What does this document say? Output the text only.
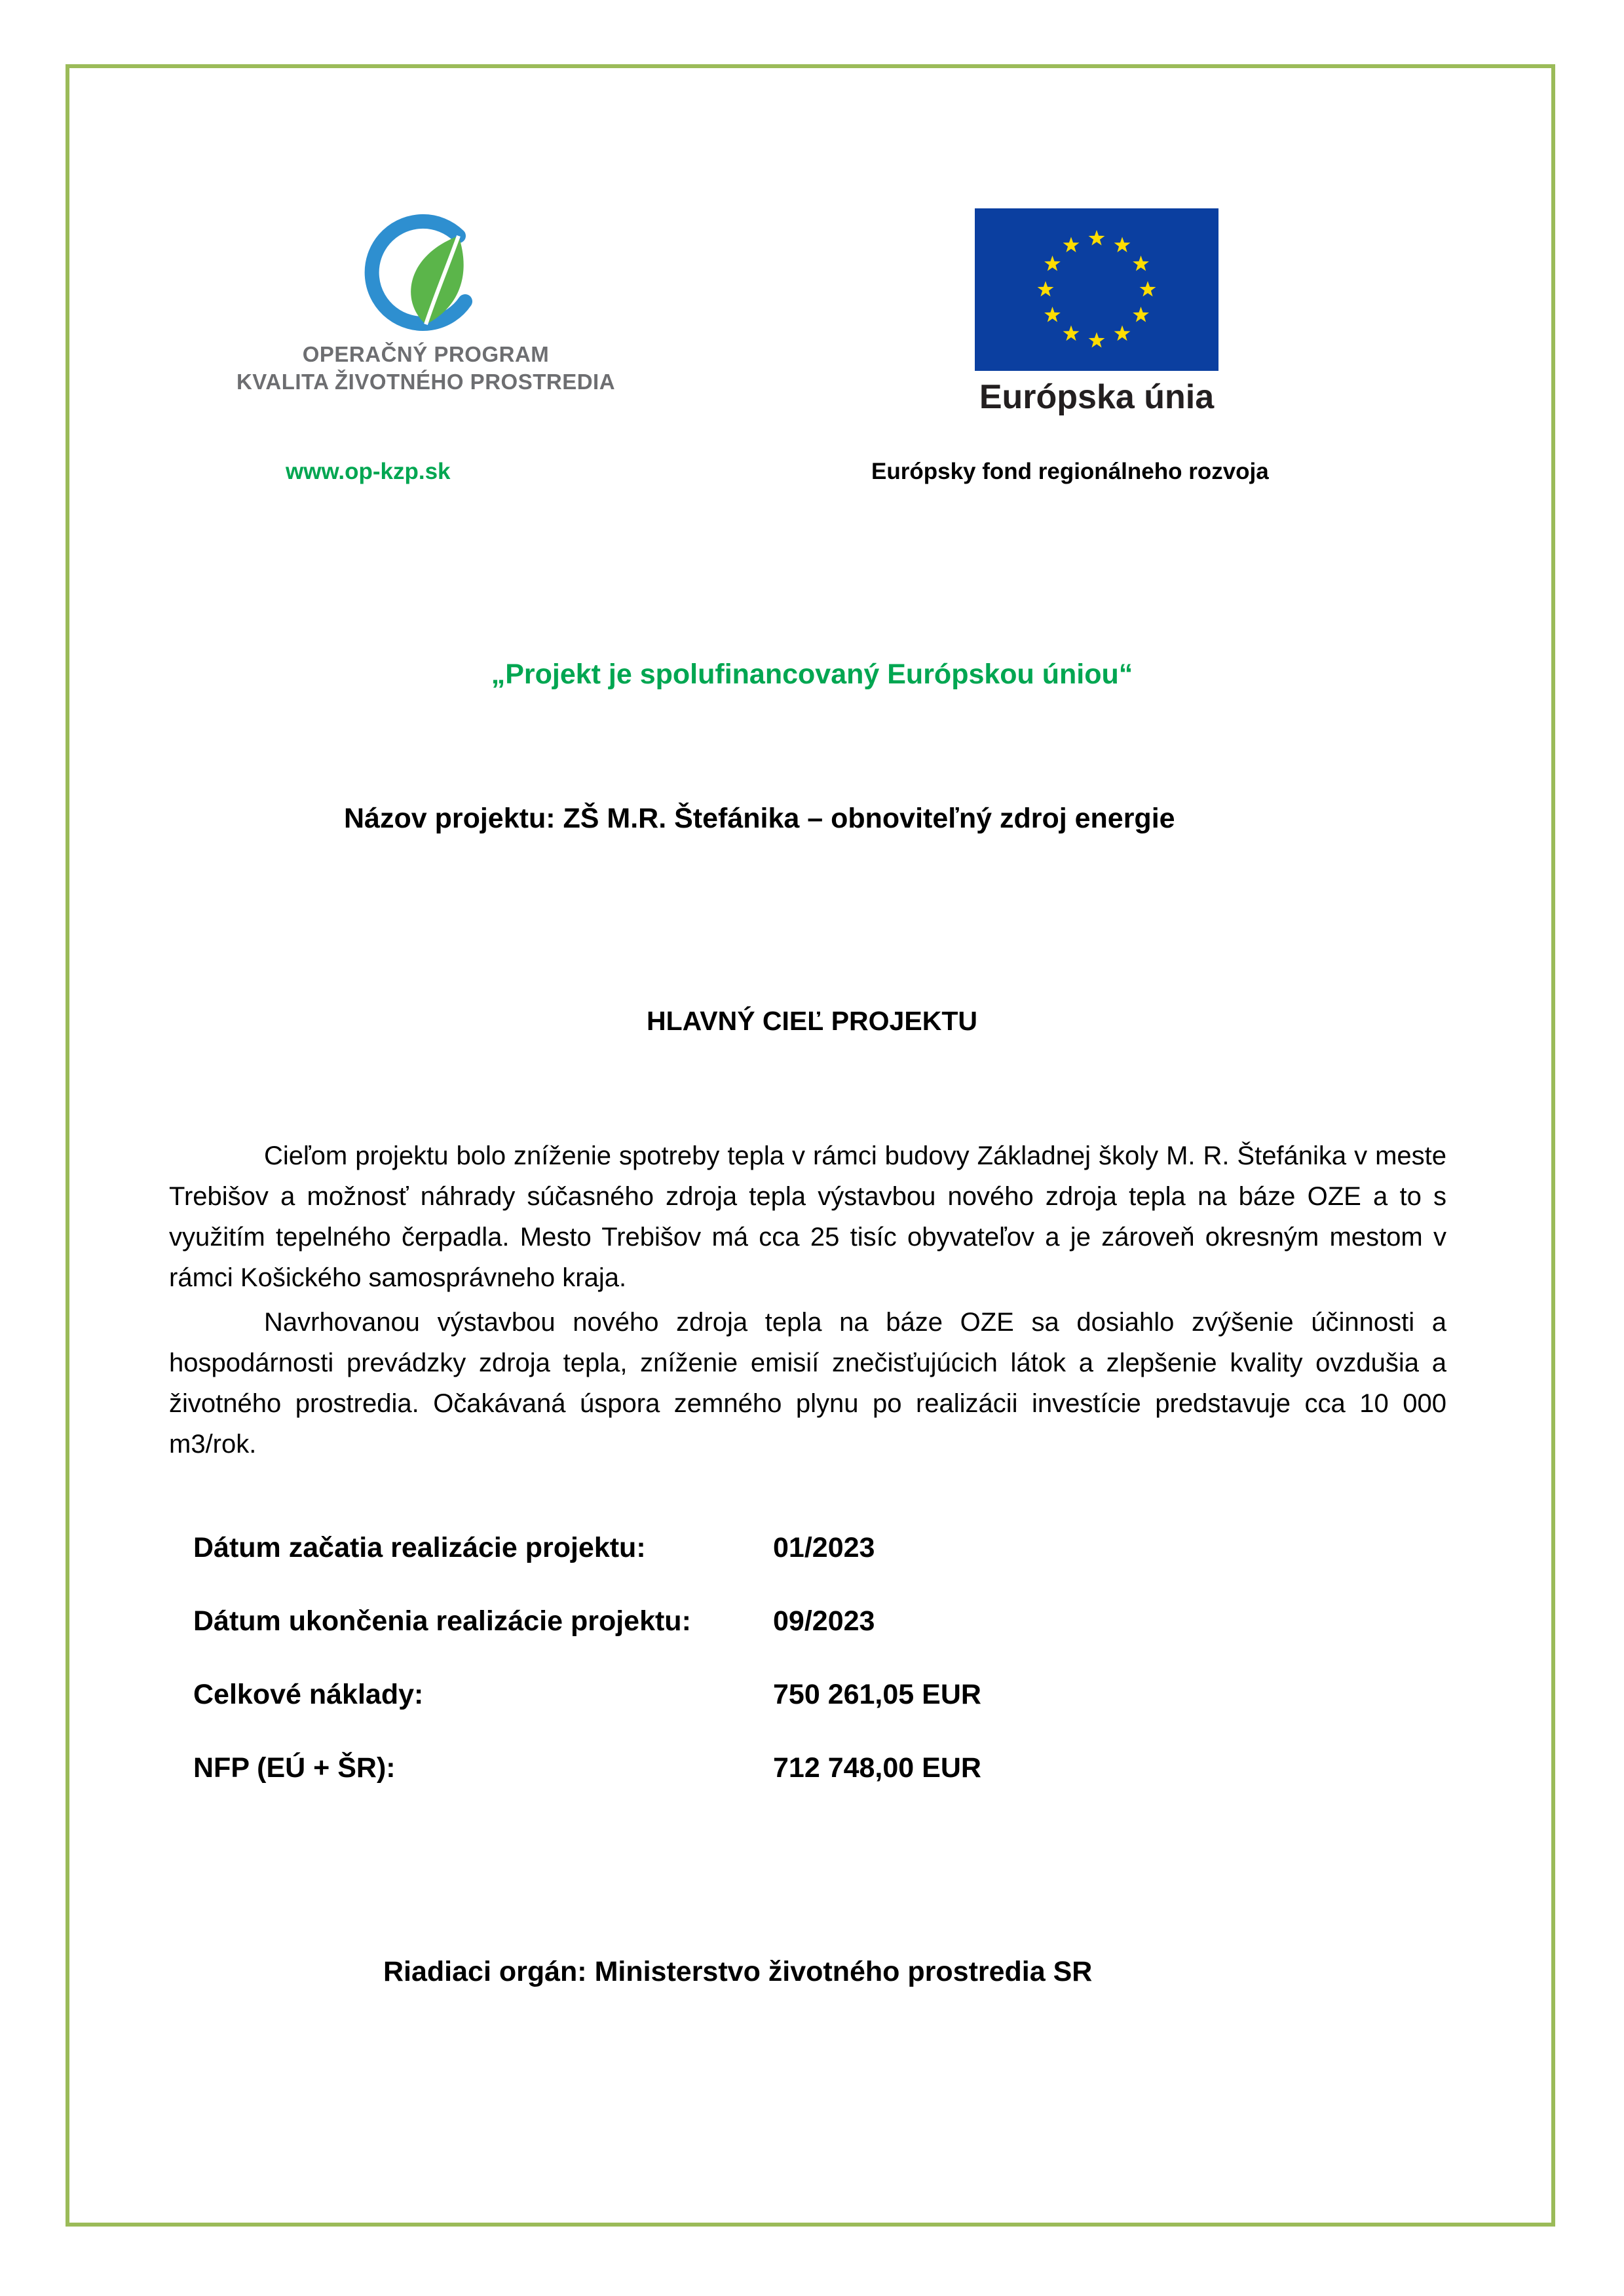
OPERAČNÝ PROGRAM
KVALITA ŽIVOTNÉHO PROSTREDIA	Európska únia
www.op-kzp.sk	Európsky fond regionálneho rozvoja
„Projekt je spolufinancovaný Európskou úniou“
Názov projektu: ZŠ M.R. Štefánika – obnoviteľný zdroj energie
HLAVNÝ CIEĽ PROJEKTU

Cieľom projektu bolo zníženie spotreby tepla v rámci budovy Základnej školy M. R. Štefánika v meste Trebišov a možnosť náhrady súčasného zdroja tepla výstavbou nového zdroja tepla na báze OZE a to s využitím tepelného čerpadla. Mesto Trebišov má cca 25 tisíc obyvateľov a je zároveň okresným mestom v rámci Košického samosprávneho kraja.

Navrhovanou výstavbou nového zdroja tepla na báze OZE sa dosiahlo zvýšenie účinnosti a hospodárnosti prevádzky zdroja tepla, zníženie emisií znečisťujúcich látok a zlepšenie kvality ovzdušia a životného prostredia. Očakávaná úspora zemného plynu po realizácii investície predstavuje cca 10 000 m3/rok.

Dátum začatia realizácie projektu:	01/2023
Dátum ukončenia realizácie projektu:	09/2023
Celkové náklady:	750 261,05 EUR
NFP (EÚ + ŠR):	712 748,00 EUR
Riadiaci orgán: Ministerstvo životného prostredia SR
